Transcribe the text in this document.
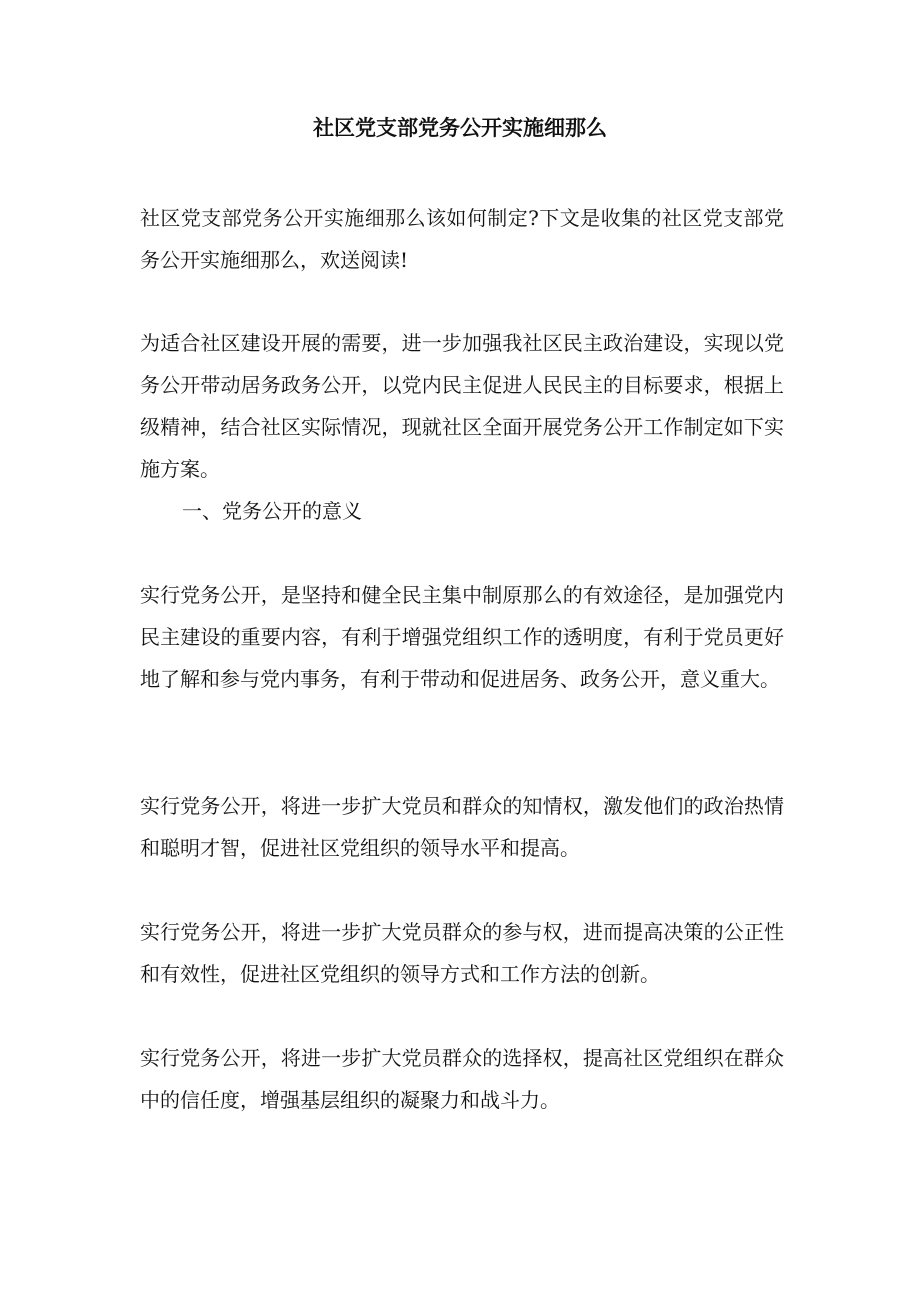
社区党支部党务公开实施细那么

社区党支部党务公开实施细那么该如何制定?下文是收集的社区党支部党务公开实施细那么，欢送阅读!

为适合社区建设开展的需要，进一步加强我社区民主政治建设，实现以党务公开带动居务政务公开，以党内民主促进人民民主的目标要求，根据上级精神，结合社区实际情况，现就社区全面开展党务公开工作制定如下实施方案。

一、党务公开的意义

实行党务公开，是坚持和健全民主集中制原那么的有效途径，是加强党内民主建设的重要内容，有利于增强党组织工作的透明度，有利于党员更好地了解和参与党内事务，有利于带动和促进居务、政务公开，意义重大。

实行党务公开，将进一步扩大党员和群众的知情权，激发他们的政治热情和聪明才智，促进社区党组织的领导水平和提高。

实行党务公开，将进一步扩大党员群众的参与权，进而提高决策的公正性和有效性，促进社区党组织的领导方式和工作方法的创新。

实行党务公开，将进一步扩大党员群众的选择权，提高社区党组织在群众中的信任度，增强基层组织的凝聚力和战斗力。
